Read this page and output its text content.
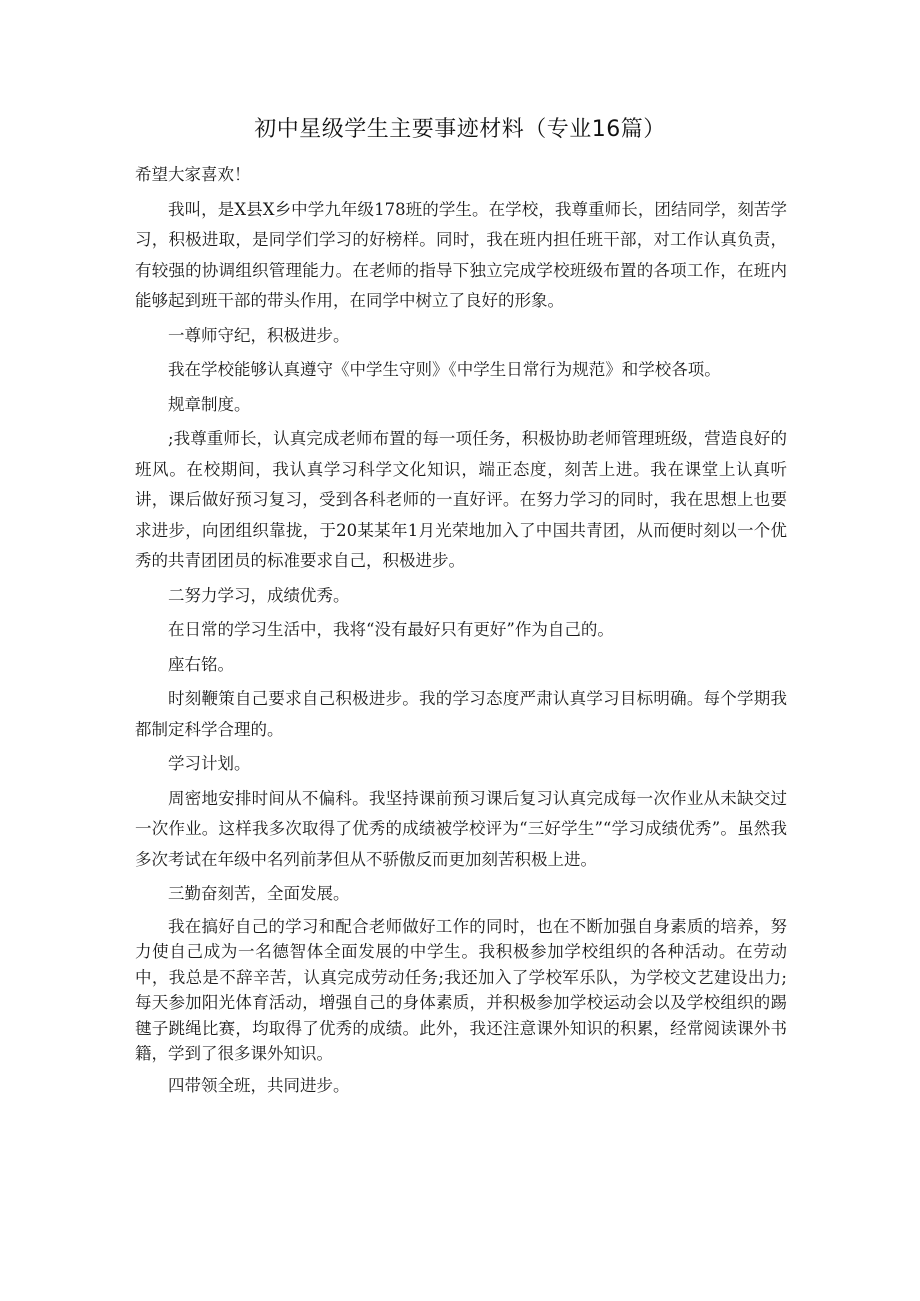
初中星级学生主要事迹材料（专业16篇）

希望大家喜欢！

我叫，是X县X乡中学九年级178班的学生。在学校，我尊重师长，团结同学，刻苦学习，积极进取，是同学们学习的好榜样。同时，我在班内担任班干部，对工作认真负责，有较强的协调组织管理能力。在老师的指导下独立完成学校班级布置的各项工作，在班内能够起到班干部的带头作用，在同学中树立了良好的形象。

一尊师守纪，积极进步。

我在学校能够认真遵守《中学生守则》《中学生日常行为规范》和学校各项。

规章制度。

;我尊重师长，认真完成老师布置的每一项任务，积极协助老师管理班级，营造良好的班风。在校期间，我认真学习科学文化知识，端正态度，刻苦上进。我在课堂上认真听讲，课后做好预习复习，受到各科老师的一直好评。在努力学习的同时，我在思想上也要求进步，向团组织靠拢，于20某某年1月光荣地加入了中国共青团，从而便时刻以一个优秀的共青团团员的标准要求自己，积极进步。

二努力学习，成绩优秀。

在日常的学习生活中，我将“没有最好只有更好”作为自己的。

座右铭。

时刻鞭策自己要求自己积极进步。我的学习态度严肃认真学习目标明确。每个学期我都制定科学合理的。

学习计划。

周密地安排时间从不偏科。我坚持课前预习课后复习认真完成每一次作业从未缺交过一次作业。这样我多次取得了优秀的成绩被学校评为“三好学生”“学习成绩优秀”。虽然我多次考试在年级中名列前茅但从不骄傲反而更加刻苦积极上进。

三勤奋刻苦，全面发展。

我在搞好自己的学习和配合老师做好工作的同时，也在不断加强自身素质的培养，努力使自己成为一名德智体全面发展的中学生。我积极参加学校组织的各种活动。在劳动中，我总是不辞辛苦，认真完成劳动任务;我还加入了学校军乐队，为学校文艺建设出力;每天参加阳光体育活动，增强自己的身体素质，并积极参加学校运动会以及学校组织的踢毽子跳绳比赛，均取得了优秀的成绩。此外，我还注意课外知识的积累，经常阅读课外书籍，学到了很多课外知识。

四带领全班，共同进步。
